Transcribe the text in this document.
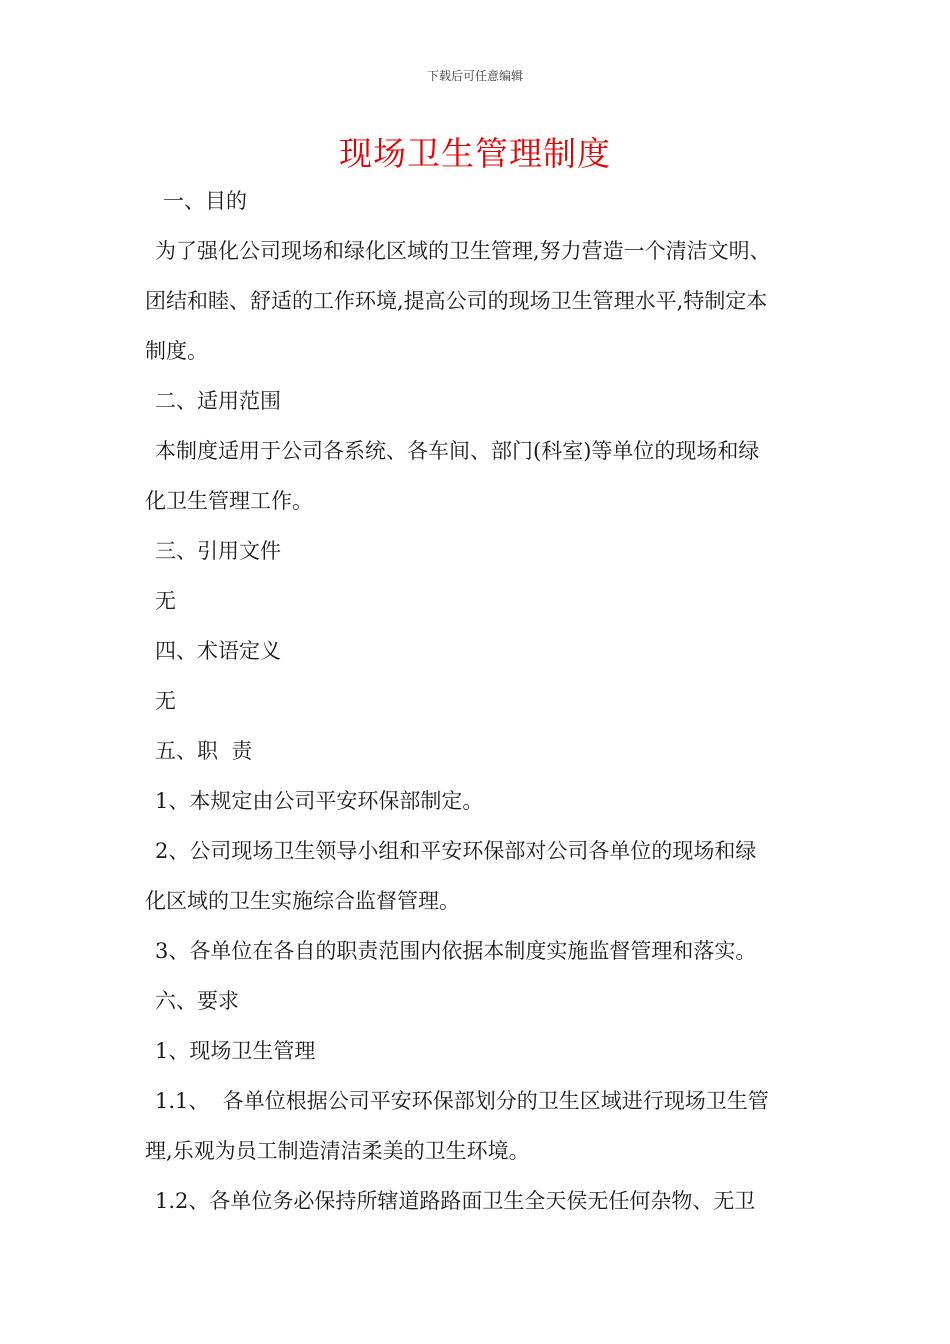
下载后可任意编辑
现场卫生管理制度
一、目的
为了强化公司现场和绿化区域的卫生管理,努力营造一个清洁文明、
团结和睦、舒适的工作环境,提高公司的现场卫生管理水平,特制定本
制度。
二、适用范围
本制度适用于公司各系统、各车间、部门(科室)等单位的现场和绿
化卫生管理工作。
三、引用文件
无
四、术语定义
无
五、职  责
1、本规定由公司平安环保部制定。
2、公司现场卫生领导小组和平安环保部对公司各单位的现场和绿
化区域的卫生实施综合监督管理。
3、各单位在各自的职责范围内依据本制度实施监督管理和落实。
六、要求
1、现场卫生管理
1.1、  各单位根据公司平安环保部划分的卫生区域进行现场卫生管
理,乐观为员工制造清洁柔美的卫生环境。
1.2、各单位务必保持所辖道路路面卫生全天侯无任何杂物、无卫
